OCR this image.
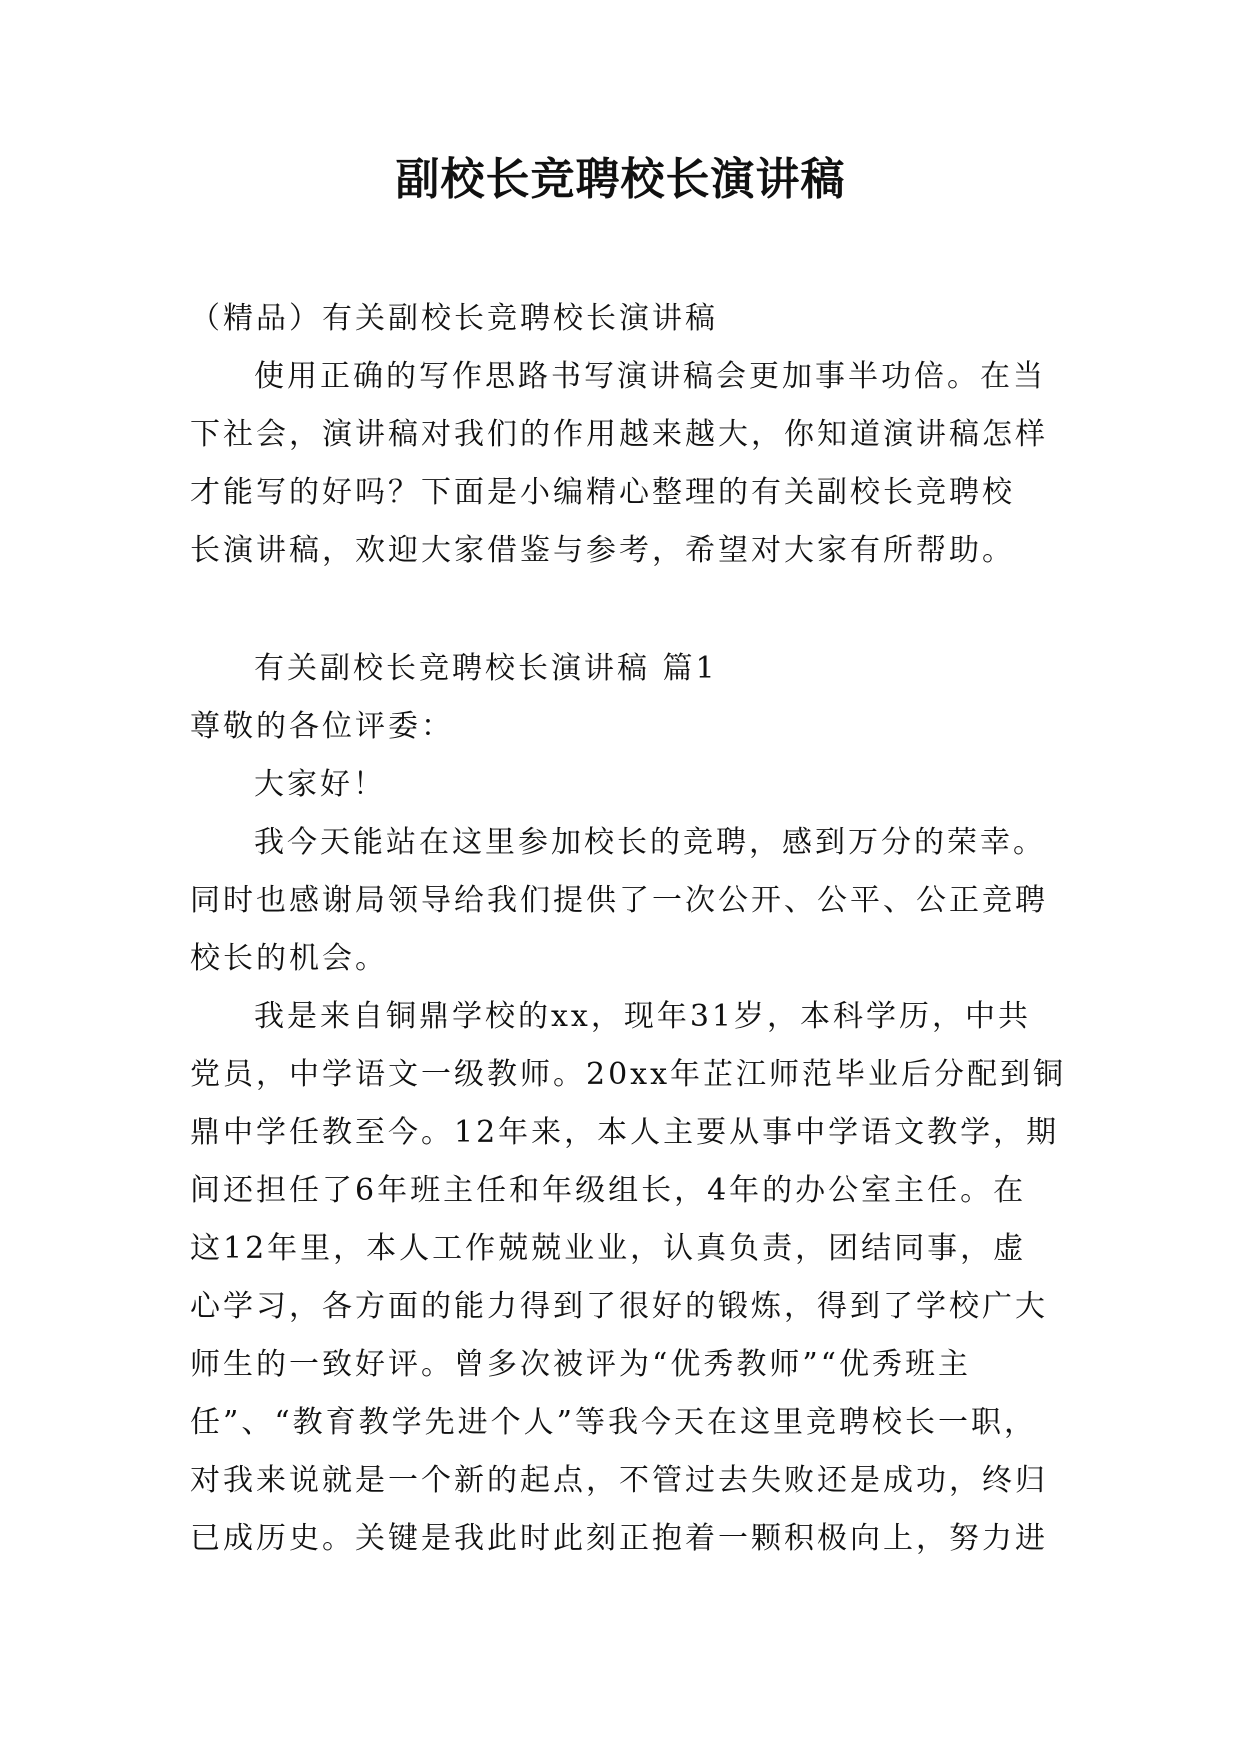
副校长竞聘校长演讲稿

（精品）有关副校长竞聘校长演讲稿

使用正确的写作思路书写演讲稿会更加事半功倍。在当

下社会，演讲稿对我们的作用越来越大，你知道演讲稿怎样

才能写的好吗？下面是小编精心整理的有关副校长竞聘校

长演讲稿，欢迎大家借鉴与参考，希望对大家有所帮助。

有关副校长竞聘校长演讲稿 篇1

尊敬的各位评委：

大家好！

我今天能站在这里参加校长的竞聘，感到万分的荣幸。

同时也感谢局领导给我们提供了一次公开、公平、公正竞聘

校长的机会。

我是来自铜鼎学校的xx，现年31岁，本科学历，中共

党员，中学语文一级教师。20xx年芷江师范毕业后分配到铜

鼎中学任教至今。12年来，本人主要从事中学语文教学，期

间还担任了6年班主任和年级组长，4年的办公室主任。在

这12年里，本人工作兢兢业业，认真负责，团结同事，虚

心学习，各方面的能力得到了很好的锻炼，得到了学校广大

师生的一致好评。曾多次被评为“优秀教师”“优秀班主

任”、“教育教学先进个人”等我今天在这里竞聘校长一职，

对我来说就是一个新的起点，不管过去失败还是成功，终归

已成历史。关键是我此时此刻正抱着一颗积极向上，努力进
